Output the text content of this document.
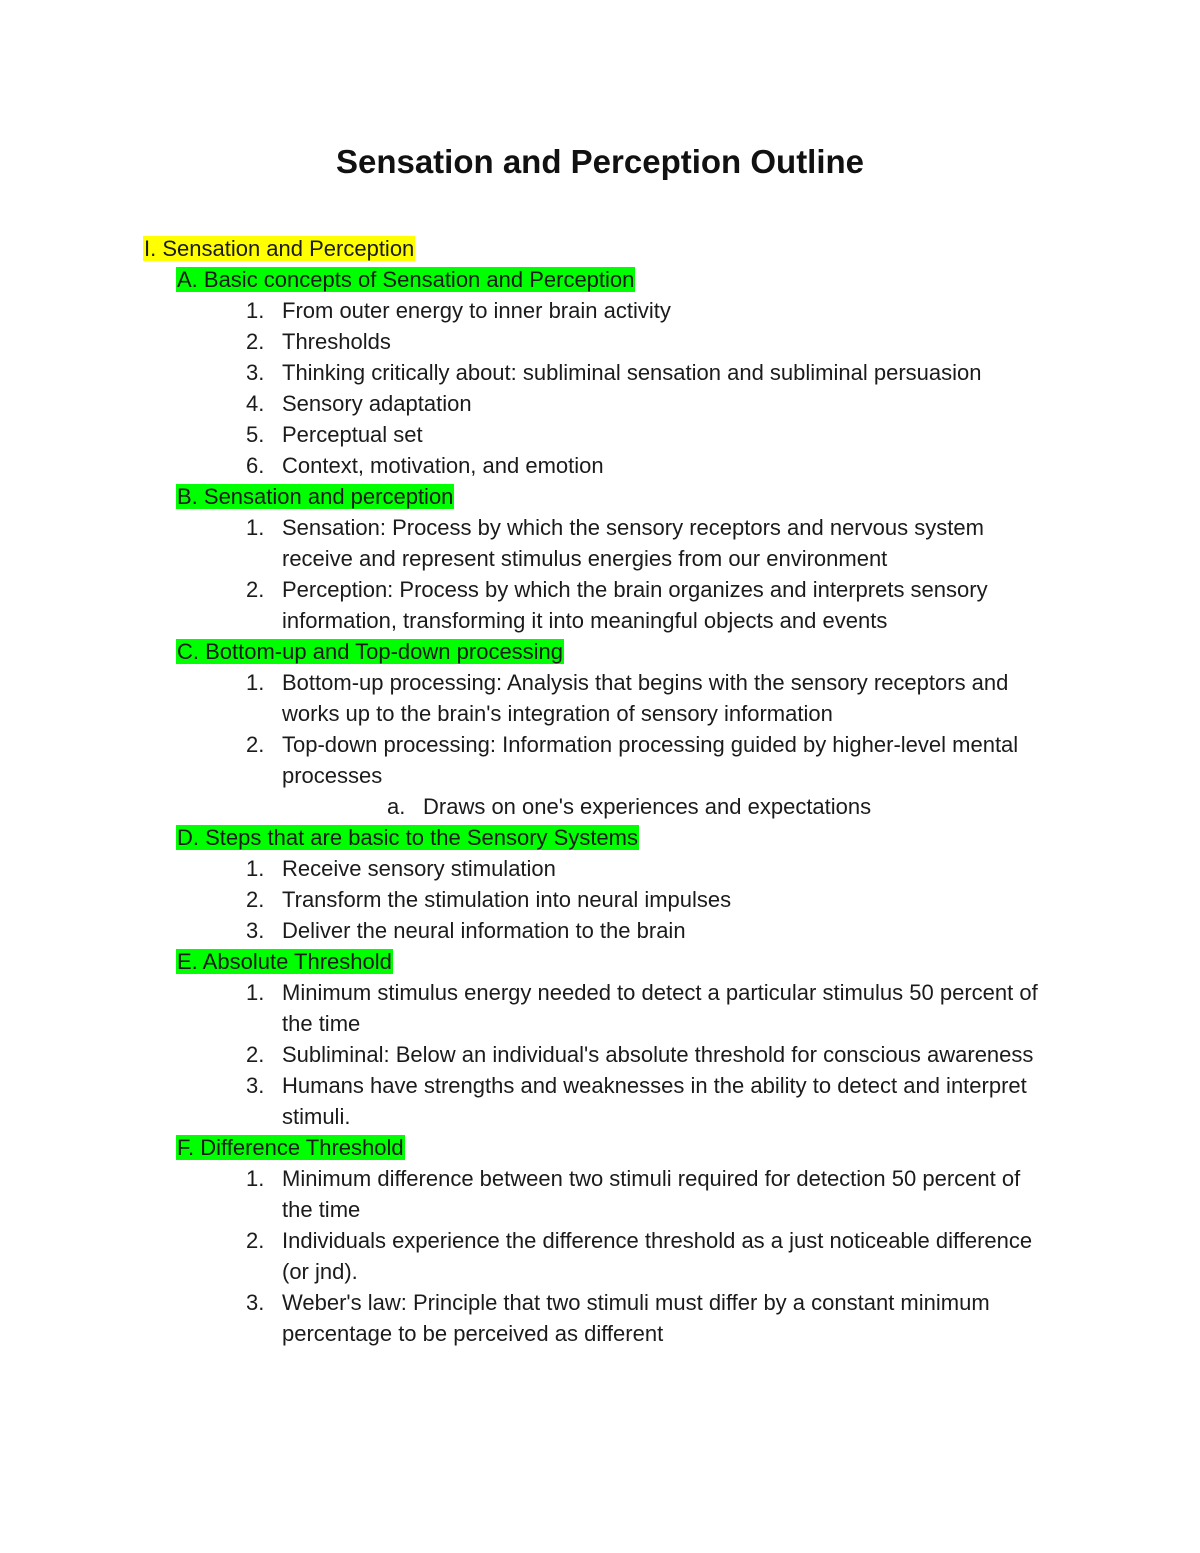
Sensation and Perception Outline
I. Sensation and Perception
A. Basic concepts of Sensation and Perception
1. From outer energy to inner brain activity
2. Thresholds
3. Thinking critically about: subliminal sensation and subliminal persuasion
4. Sensory adaptation
5. Perceptual set
6. Context, motivation, and emotion
B. Sensation and perception
1. Sensation: Process by which the sensory receptors and nervous system receive and represent stimulus energies from our environment
2. Perception: Process by which the brain organizes and interprets sensory information, transforming it into meaningful objects and events
C. Bottom-up and Top-down processing
1. Bottom-up processing: Analysis that begins with the sensory receptors and works up to the brain's integration of sensory information
2. Top-down processing: Information processing guided by higher-level mental processes
a. Draws on one's experiences and expectations
D. Steps that are basic to the Sensory Systems
1. Receive sensory stimulation
2. Transform the stimulation into neural impulses
3. Deliver the neural information to the brain
E. Absolute Threshold
1. Minimum stimulus energy needed to detect a particular stimulus 50 percent of the time
2. Subliminal: Below an individual's absolute threshold for conscious awareness
3. Humans have strengths and weaknesses in the ability to detect and interpret stimuli.
F. Difference Threshold
1. Minimum difference between two stimuli required for detection 50 percent of the time
2. Individuals experience the difference threshold as a just noticeable difference (or jnd).
3. Weber's law: Principle that two stimuli must differ by a constant minimum percentage to be perceived as different
